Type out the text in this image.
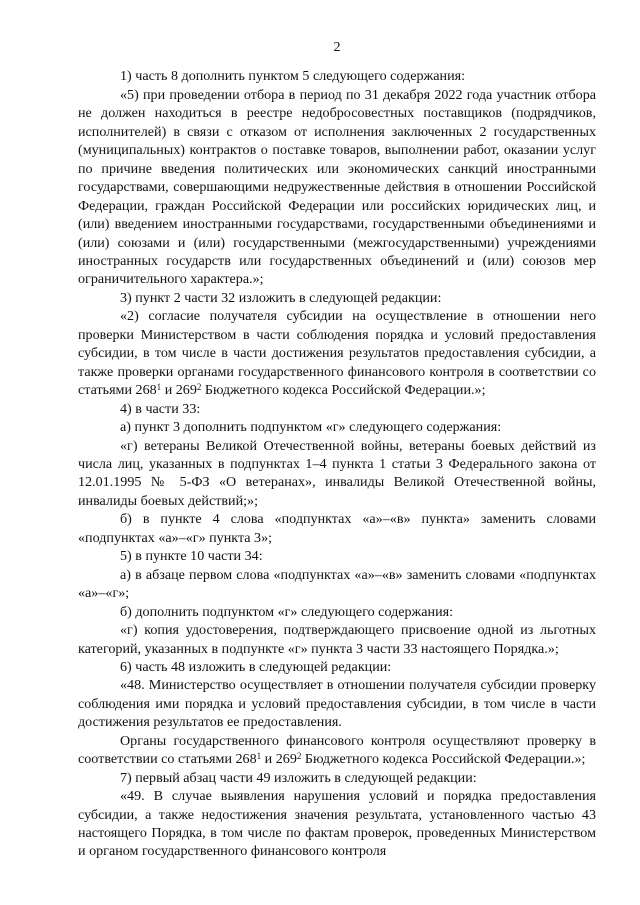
2

1) часть 8 дополнить пунктом 5 следующего содержания:

«5) при проведении отбора в период по 31 декабря 2022 года участник отбора не должен находиться в реестре недобросовестных поставщиков (подрядчиков, исполнителей) в связи с отказом от исполнения заключенных 2 государственных (муниципальных) контрактов о поставке товаров, выполнении работ, оказании услуг по причине введения политических или экономических санкций иностранными государствами, совершающими недружественные действия в отношении Российской Федерации, граждан Российской Федерации или российских юридических лиц, и (или) введением иностранными государствами, государственными объединениями и (или) союзами и (или) государственными (межгосударственными) учреждениями иностранных государств или государственных объединений и (или) союзов мер ограничительного характера.»;

3) пункт 2 части 32 изложить в следующей редакции:

«2) согласие получателя субсидии на осуществление в отношении него проверки Министерством в части соблюдения порядка и условий предоставления субсидии, в том числе в части достижения результатов предоставления субсидии, а также проверки органами государственного финансового контроля в соответствии со статьями $268^1$ и $269^2$ Бюджетного кодекса Российской Федерации.»;

4) в части 33:

а) пункт 3 дополнить подпунктом «г» следующего содержания:

«г) ветераны Великой Отечественной войны, ветераны боевых действий из числа лиц, указанных в подпунктах 1–4 пункта 1 статьи 3 Федерального закона от 12.01.1995 № 5-ФЗ «О ветеранах», инвалиды Великой Отечественной войны, инвалиды боевых действий;»;

б) в пункте 4 слова «подпунктах «а»–«в» пункта» заменить словами «подпунктах «а»–«г» пункта 3»;

5) в пункте 10 части 34:

а) в абзаце первом слова «подпунктах «а»–«в» заменить словами «подпунктах «а»–«г»;

б) дополнить подпунктом «г» следующего содержания:

«г) копия удостоверения, подтверждающего присвоение одной из льготных категорий, указанных в подпункте «г» пункта 3 части 33 настоящего Порядка.»;

6) часть 48 изложить в следующей редакции:

«48. Министерство осуществляет в отношении получателя субсидии проверку соблюдения ими порядка и условий предоставления субсидии, в том числе в части достижения результатов ее предоставления.

Органы государственного финансового контроля осуществляют проверку в соответствии со статьями $268^1$ и $269^2$ Бюджетного кодекса Российской Федерации.»;

7) первый абзац части 49 изложить в следующей редакции:

«49. В случае выявления нарушения условий и порядка предоставления субсидии, а также недостижения значения результата, установленного частью 43 настоящего Порядка, в том числе по фактам проверок, проведенных Министерством и органом государственного финансового контроля
